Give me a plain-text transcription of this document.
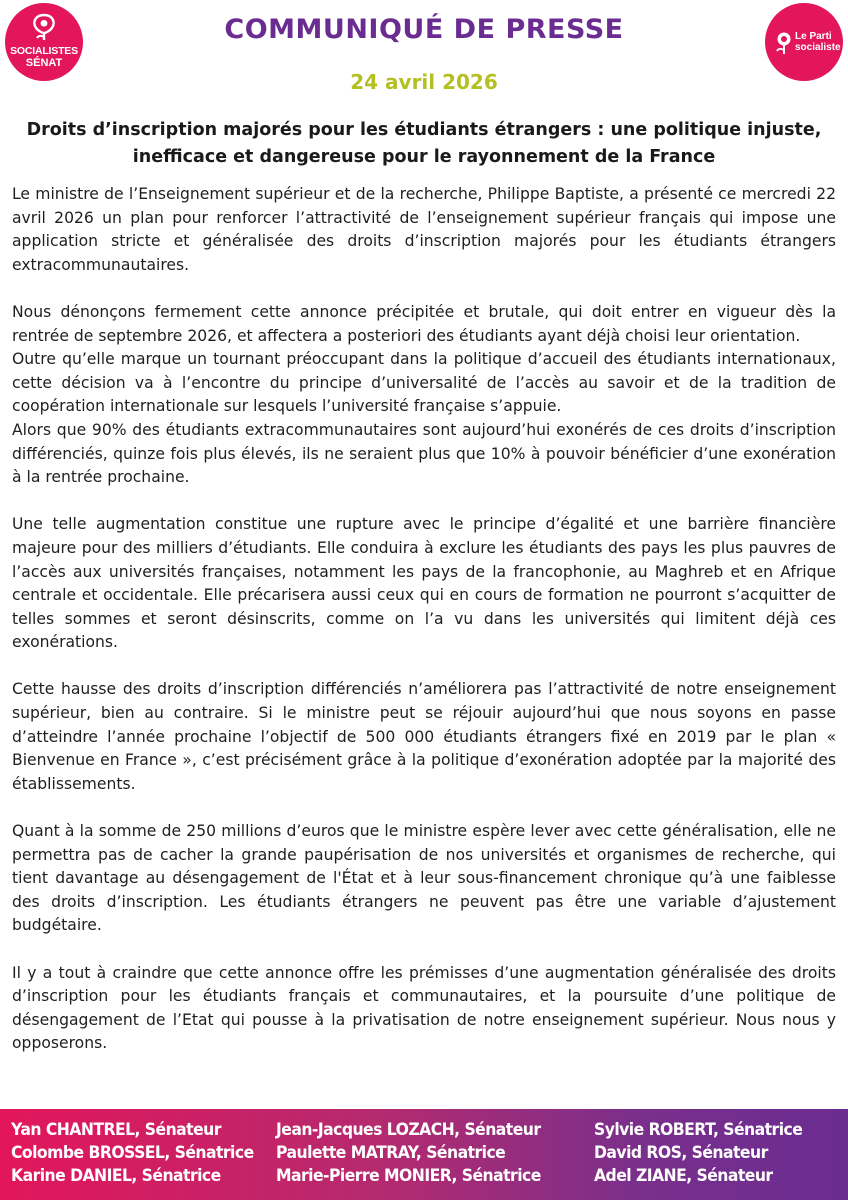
SOCIALISTES
SÉNAT
Le Parti
socialiste
COMMUNIQUÉ DE PRESSE
24 avril 2026
Droits d’inscription majorés pour les étudiants étrangers : une politique injuste, inefficace et dangereuse pour le rayonnement de la France

Le ministre de l’Enseignement supérieur et de la recherche, Philippe Baptiste, a présenté ce mercredi 22 avril 2026 un plan pour renforcer l’attractivité de l’enseignement supérieur français qui impose une application stricte et généralisée des droits d’inscription majorés pour les étudiants étrangers extracommunautaires.

Nous dénonçons fermement cette annonce précipitée et brutale, qui doit entrer en vigueur dès la rentrée de septembre 2026, et affectera a posteriori des étudiants ayant déjà choisi leur orientation.

Outre qu’elle marque un tournant préoccupant dans la politique d’accueil des étudiants internationaux, cette décision va à l’encontre du principe d’universalité de l’accès au savoir et de la tradition de coopération internationale sur lesquels l’université française s’appuie.

Alors que 90% des étudiants extracommunautaires sont aujourd’hui exonérés de ces droits d’inscription différenciés, quinze fois plus élevés, ils ne seraient plus que 10% à pouvoir bénéficier d’une exonération à la rentrée prochaine.

Une telle augmentation constitue une rupture avec le principe d’égalité et une barrière financière majeure pour des milliers d’étudiants. Elle conduira à exclure les étudiants des pays les plus pauvres de l’accès aux universités françaises, notamment les pays de la francophonie, au Maghreb et en Afrique centrale et occidentale. Elle précarisera aussi ceux qui en cours de formation ne pourront s’acquitter de telles sommes et seront désinscrits, comme on l’a vu dans les universités qui limitent déjà ces exonérations.

Cette hausse des droits d’inscription différenciés n’améliorera pas l’attractivité de notre enseignement supérieur, bien au contraire. Si le ministre peut se réjouir aujourd’hui que nous soyons en passe d’atteindre l’année prochaine l’objectif de 500 000 étudiants étrangers fixé en 2019 par le plan « Bienvenue en France », c’est précisément grâce à la politique d’exonération adoptée par la majorité des établissements.

Quant à la somme de 250 millions d’euros que le ministre espère lever avec cette généralisation, elle ne permettra pas de cacher la grande paupérisation de nos universités et organismes de recherche, qui tient davantage au désengagement de l'État et à leur sous-financement chronique qu’à une faiblesse des droits d’inscription. Les étudiants étrangers ne peuvent pas être une variable d’ajustement budgétaire.

Il y a tout à craindre que cette annonce offre les prémisses d’une augmentation généralisée des droits d’inscription pour les étudiants français et communautaires, et la poursuite d’une politique de désengagement de l’Etat qui pousse à la privatisation de notre enseignement supérieur. Nous nous y opposerons.

Yan CHANTREL, Sénateur
Colombe BROSSEL, Sénatrice
Karine DANIEL, Sénatrice
Jean-Jacques LOZACH, Sénateur
Paulette MATRAY, Sénatrice
Marie-Pierre MONIER, Sénatrice
Sylvie ROBERT, Sénatrice
David ROS, Sénateur
Adel ZIANE, Sénateur
